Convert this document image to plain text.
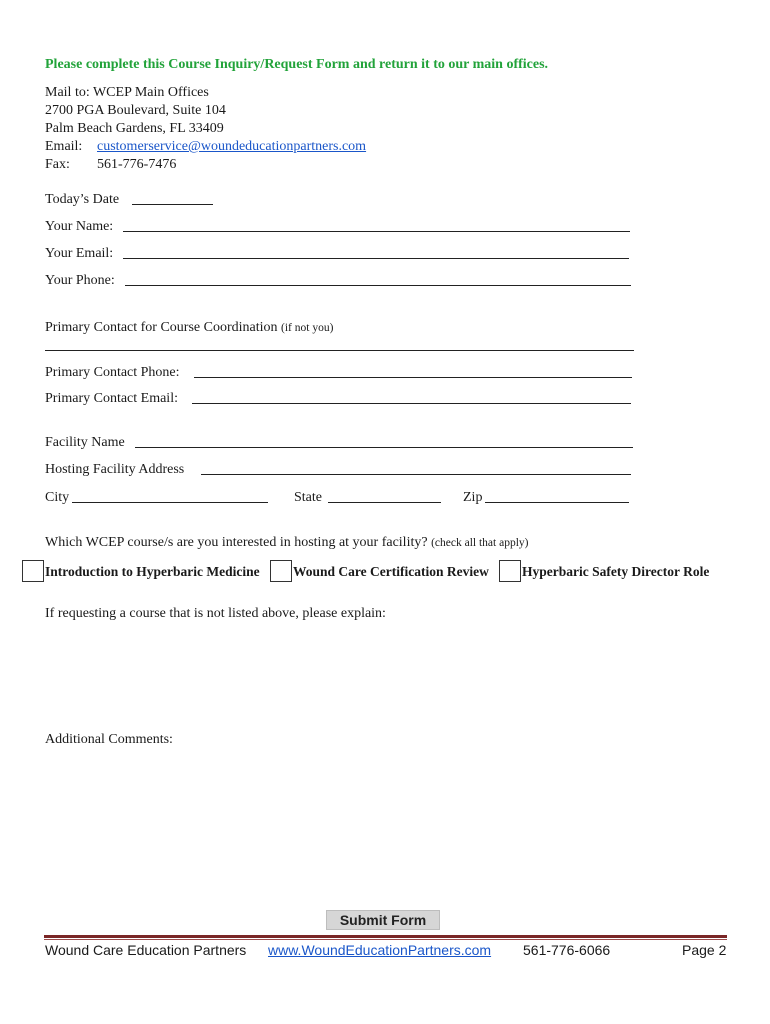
Please complete this Course Inquiry/Request Form and return it to our main offices.
Mail to: WCEP Main Offices
2700 PGA Boulevard, Suite 104
Palm Beach Gardens, FL 33409
Email: customerservice@woundeducationpartners.com
Fax: 561-776-7476
Today’s Date
Your Name:
Your Email:
Your Phone:
Primary Contact for Course Coordination (if not you)
Primary Contact Phone:
Primary Contact Email:
Facility Name
Hosting Facility Address
City	State	Zip
Which WCEP course/s are you interested in hosting at your facility? (check all that apply)
Introduction to Hyperbaric Medicine Wound Care Certification Review Hyperbaric Safety Director Role
If requesting a course that is not listed above, please explain:
Additional Comments:
Submit Form
Wound Care Education Partners www.WoundEducationPartners.com 561-776-6066	Page 2
